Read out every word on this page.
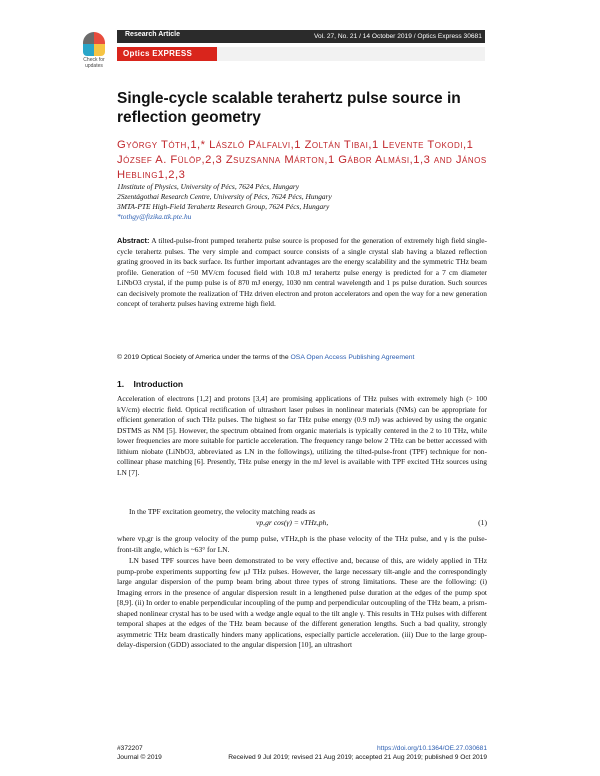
Check for updates
Research Article	Vol. 27, No. 21 / 14 October 2019 / Optics Express 30681
Optics EXPRESS
Single-cycle scalable terahertz pulse source in reflection geometry
György Tóth,1,* László Pálfalvi,1 Zoltán Tibai,1 Levente Tokodi,1 József A. Fülöp,2,3 Zsuzsanna Márton,1 Gábor Almási,1,3 and János Hebling1,2,3
1Institute of Physics, University of Pécs, 7624 Pécs, Hungary
2Szentágothai Research Centre, University of Pécs, 7624 Pécs, Hungary
3MTA-PTE High-Field Terahertz Research Group, 7624 Pécs, Hungary
*tothgy@fizika.ttk.pte.hu
Abstract: A tilted-pulse-front pumped terahertz pulse source is proposed for the generation of extremely high field single-cycle terahertz pulses. The very simple and compact source consists of a single crystal slab having a blazed reflection grating grooved in its back surface. Its further important advantages are the energy scalability and the symmetric THz beam profile. Generation of ~50 MV/cm focused field with 10.8 mJ terahertz pulse energy is predicted for a 7 cm diameter LiNbO3 crystal, if the pump pulse is of 870 mJ energy, 1030 nm central wavelength and 1 ps pulse duration. Such sources can decisively promote the realization of THz driven electron and proton accelerators and open the way for a new generation concept of terahertz pulses having extreme high field.
© 2019 Optical Society of America under the terms of the OSA Open Access Publishing Agreement
1. Introduction
Acceleration of electrons [1,2] and protons [3,4] are promising applications of THz pulses with extremely high (> 100 kV/cm) electric field. Optical rectification of ultrashort laser pulses in nonlinear materials (NMs) can be appropriate for efficient generation of such THz pulses. The highest so far THz pulse energy (0.9 mJ) was achieved by using the organic DSTMS as NM [5]. However, the spectrum obtained from organic materials is typically centered in the 2 to 10 THz, while lower frequencies are more suitable for particle acceleration. The frequency range below 2 THz can be better accessed with lithium niobate (LiNbO3, abbreviated as LN in the followings), utilizing the tilted-pulse-front (TPF) technique for non-collinear phase matching [6]. Presently, THz pulse energy in the mJ level is available with TPF excited THz sources using LN [7].
In the TPF excitation geometry, the velocity matching reads as
vp,gr cos(γ) = vTHz,ph,	(1)
where vp,gr is the group velocity of the pump pulse, vTHz,ph is the phase velocity of the THz pulse, and γ is the pulse-front-tilt angle, which is ~63° for LN.
LN based TPF sources have been demonstrated to be very effective and, because of this, are widely applied in THz pump-probe experiments supporting few μJ THz pulses. However, the large necessary tilt-angle and the correspondingly large angular dispersion of the pump beam bring about three types of strong limitations. These are the following: (i) Imaging errors in the presence of angular dispersion result in a lengthened pulse duration at the edges of the pump spot [8,9]. (ii) In order to enable perpendicular incoupling of the pump and perpendicular outcoupling of the THz beam, a prism-shaped nonlinear crystal has to be used with a wedge angle equal to the tilt angle γ. This results in THz pulses with different temporal shapes at the edges of the THz beam because of the different generation lengths. Such a bad quality, strongly asymmetric THz beam drastically hinders many applications, especially particle acceleration. (iii) Due to the large group-delay-dispersion (GDD) associated to the angular dispersion [10], an ultrashort
#372207
Journal © 2019
https://doi.org/10.1364/OE.27.030681
Received 9 Jul 2019; revised 21 Aug 2019; accepted 21 Aug 2019; published 9 Oct 2019
